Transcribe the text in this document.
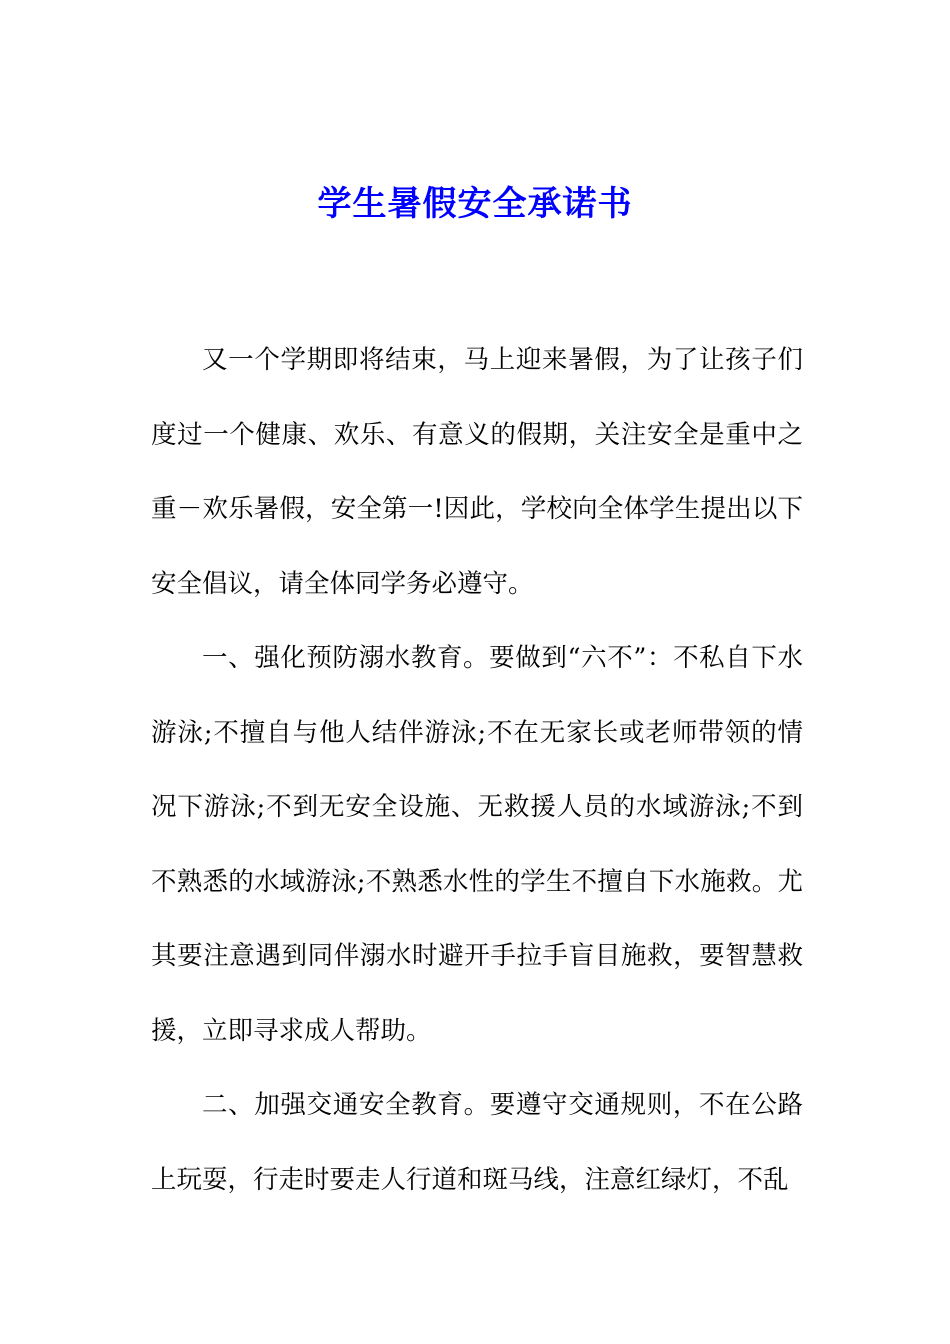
学生暑假安全承诺书

又一个学期即将结束，马上迎来暑假，为了让孩子们度过一个健康、欢乐、有意义的假期，关注安全是重中之重－欢乐暑假，安全第一!因此，学校向全体学生提出以下安全倡议，请全体同学务必遵守。

一、强化预防溺水教育。要做到“六不”：不私自下水游泳;不擅自与他人结伴游泳;不在无家长或老师带领的情况下游泳;不到无安全设施、无救援人员的水域游泳;不到不熟悉的水域游泳;不熟悉水性的学生不擅自下水施救。尤其要注意遇到同伴溺水时避开手拉手盲目施救，要智慧救援，立即寻求成人帮助。

二、加强交通安全教育。要遵守交通规则，不在公路上玩耍，行走时要走人行道和斑马线，注意红绿灯，不乱
